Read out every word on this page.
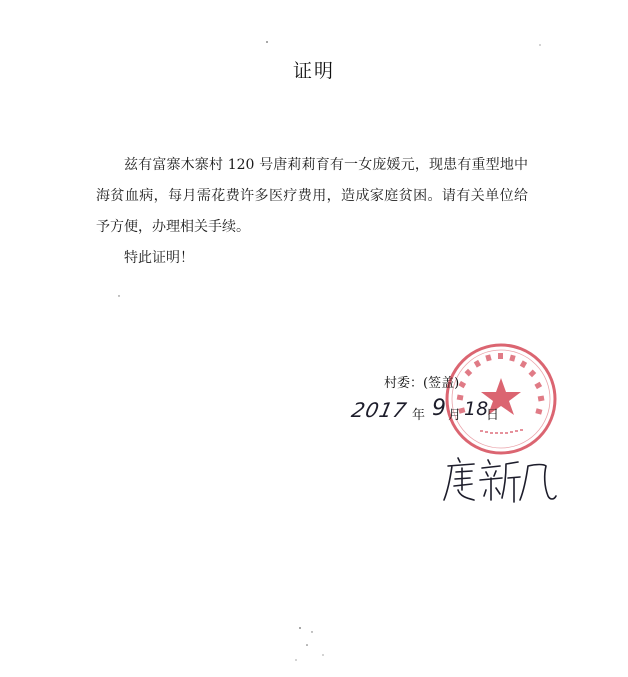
证明

兹有富寨木寨村 120 号唐莉莉育有一女庞媛元，现患有重型地中海贫血病，每月需花费许多医疗费用，造成家庭贫困。请有关单位给予方便，办理相关手续。

特此证明！

村委：(签盖)
2017 年 9 月 18
日
